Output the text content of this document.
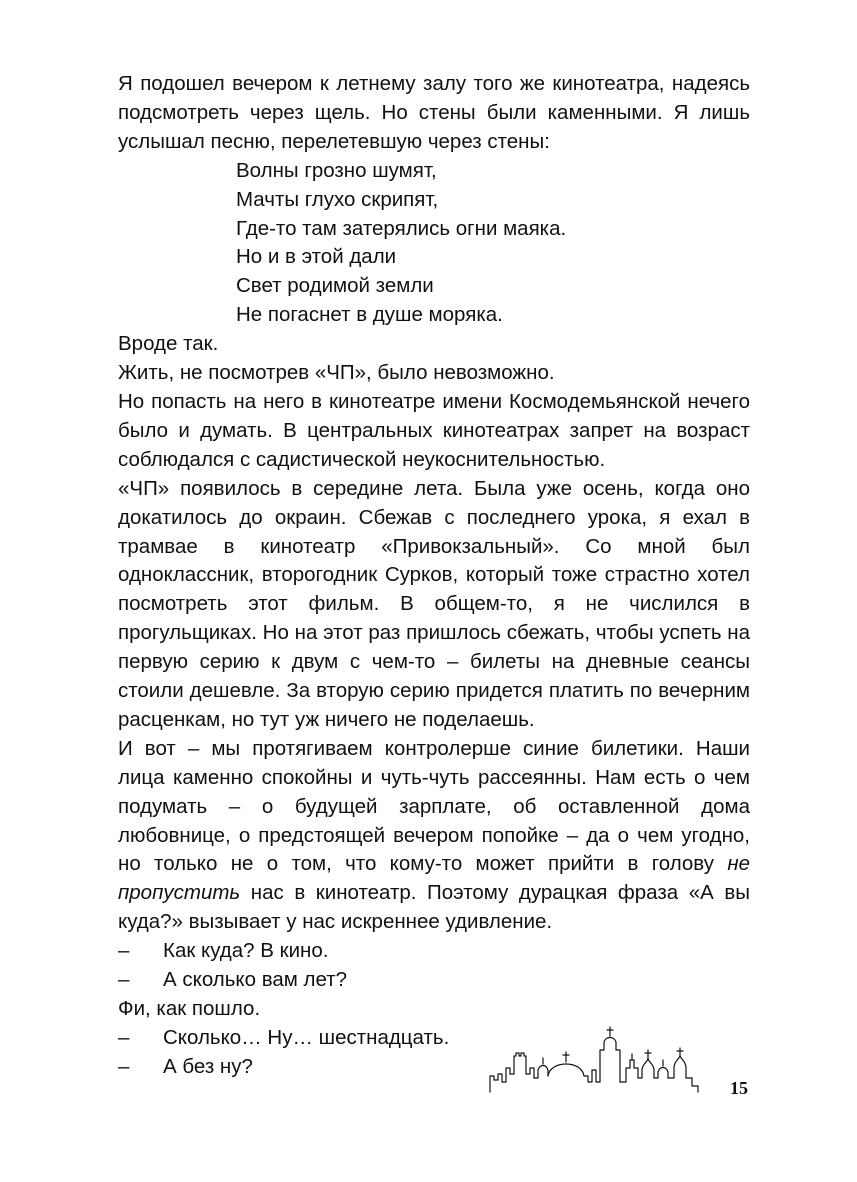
Я подошел вечером к летнему залу того же кинотеатра, надеясь подсмотреть через щель. Но стены были каменными. Я лишь услышал песню, перелетевшую через стены:

Волны грозно шумят,
Мачты глухо скрипят,
Где-то там затерялись огни маяка.
Но и в этой дали
Свет родимой земли
Не погаснет в душе моряка.

Вроде так.

Жить, не посмотрев «ЧП», было невозможно.

Но попасть на него в кинотеатре имени Космодемьянской нечего было и думать. В центральных кинотеатрах запрет на возраст соблюдался с садистической неукоснительностью.

«ЧП» появилось в середине лета. Была уже осень, когда оно докатилось до окраин. Сбежав с последнего урока, я ехал в трамвае в кинотеатр «Привокзальный». Со мной был одноклассник, второгодник Сурков, который тоже страстно хотел посмотреть этот фильм. В общем-то, я не числился в прогульщиках. Но на этот раз пришлось сбежать, чтобы успеть на первую серию к двум с чем-то – билеты на дневные сеансы стоили дешевле. За вторую серию придется платить по вечерним расценкам, но тут уж ничего не поделаешь.

И вот – мы протягиваем контролерше синие билетики. Наши лица каменно спокойны и чуть-чуть рассеянны. Нам есть о чем подумать – о будущей зарплате, об оставленной дома любовнице, о предстоящей вечером попойке – да о чем угодно, но только не о том, что кому-то может прийти в голову не пропустить нас в кинотеатр. Поэтому дурацкая фраза «А вы куда?» вызывает у нас искреннее удивление.

–	Как куда? В кино.
–	А сколько вам лет?

Фи, как пошло.

–	Сколько… Ну… шестнадцать.
–	А без ну?
15
